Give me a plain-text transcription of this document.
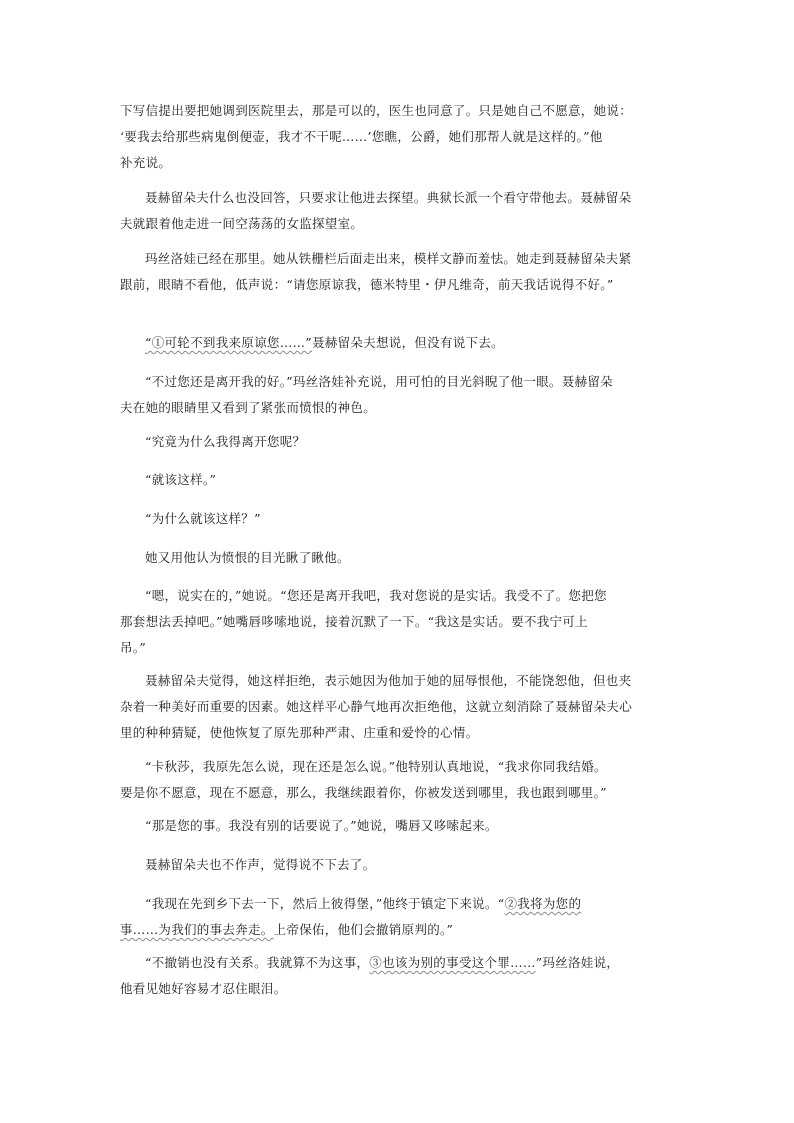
下写信提出要把她调到医院里去，那是可以的，医生也同意了。只是她自己不愿意，她说：
‘要我去给那些病鬼倒便壶，我才不干呢……’您瞧，公爵，她们那帮人就是这样的。”他
补充说。
聂赫留朵夫什么也没回答，只要求让他进去探望。典狱长派一个看守带他去。聂赫留朵
夫就跟着他走进一间空荡荡的女监探望室。
玛丝洛娃已经在那里。她从铁栅栏后面走出来，模样文静而羞怯。她走到聂赫留朵夫紧
跟前，眼睛不看他，低声说：“请您原谅我，德米特里・伊凡维奇，前天我话说得不好。”
“①可轮不到我来原谅您……”聂赫留朵夫想说，但没有说下去。
“不过您还是离开我的好。”玛丝洛娃补充说，用可怕的目光斜睨了他一眼。聂赫留朵
夫在她的眼睛里又看到了紧张而愤恨的神色。
“究竟为什么我得离开您呢？
“就该这样。”
“为什么就该这样？”
她又用他认为愤恨的目光瞅了瞅他。
“嗯，说实在的，”她说。“您还是离开我吧，我对您说的是实话。我受不了。您把您
那套想法丢掉吧。”她嘴唇哆嗦地说，接着沉默了一下。“我这是实话。要不我宁可上
吊。”
聂赫留朵夫觉得，她这样拒绝，表示她因为他加于她的屈辱恨他，不能饶恕他，但也夹
杂着一种美好而重要的因素。她这样平心静气地再次拒绝他，这就立刻消除了聂赫留朵夫心
里的种种猜疑，使他恢复了原先那种严肃、庄重和爱怜的心情。
“卡秋莎，我原先怎么说，现在还是怎么说。”他特别认真地说，“我求你同我结婚。
要是你不愿意，现在不愿意，那么，我继续跟着你，你被发送到哪里，我也跟到哪里。”
“那是您的事。我没有别的话要说了。”她说，嘴唇又哆嗦起来。
聂赫留朵夫也不作声，觉得说不下去了。
“我现在先到乡下去一下，然后上彼得堡，”他终于镇定下来说。“②我将为您的
事……为我们的事去奔走。上帝保佑，他们会撤销原判的。”
“不撤销也没有关系。我就算不为这事，③也该为别的事受这个罪……”玛丝洛娃说，
他看见她好容易才忍住眼泪。
